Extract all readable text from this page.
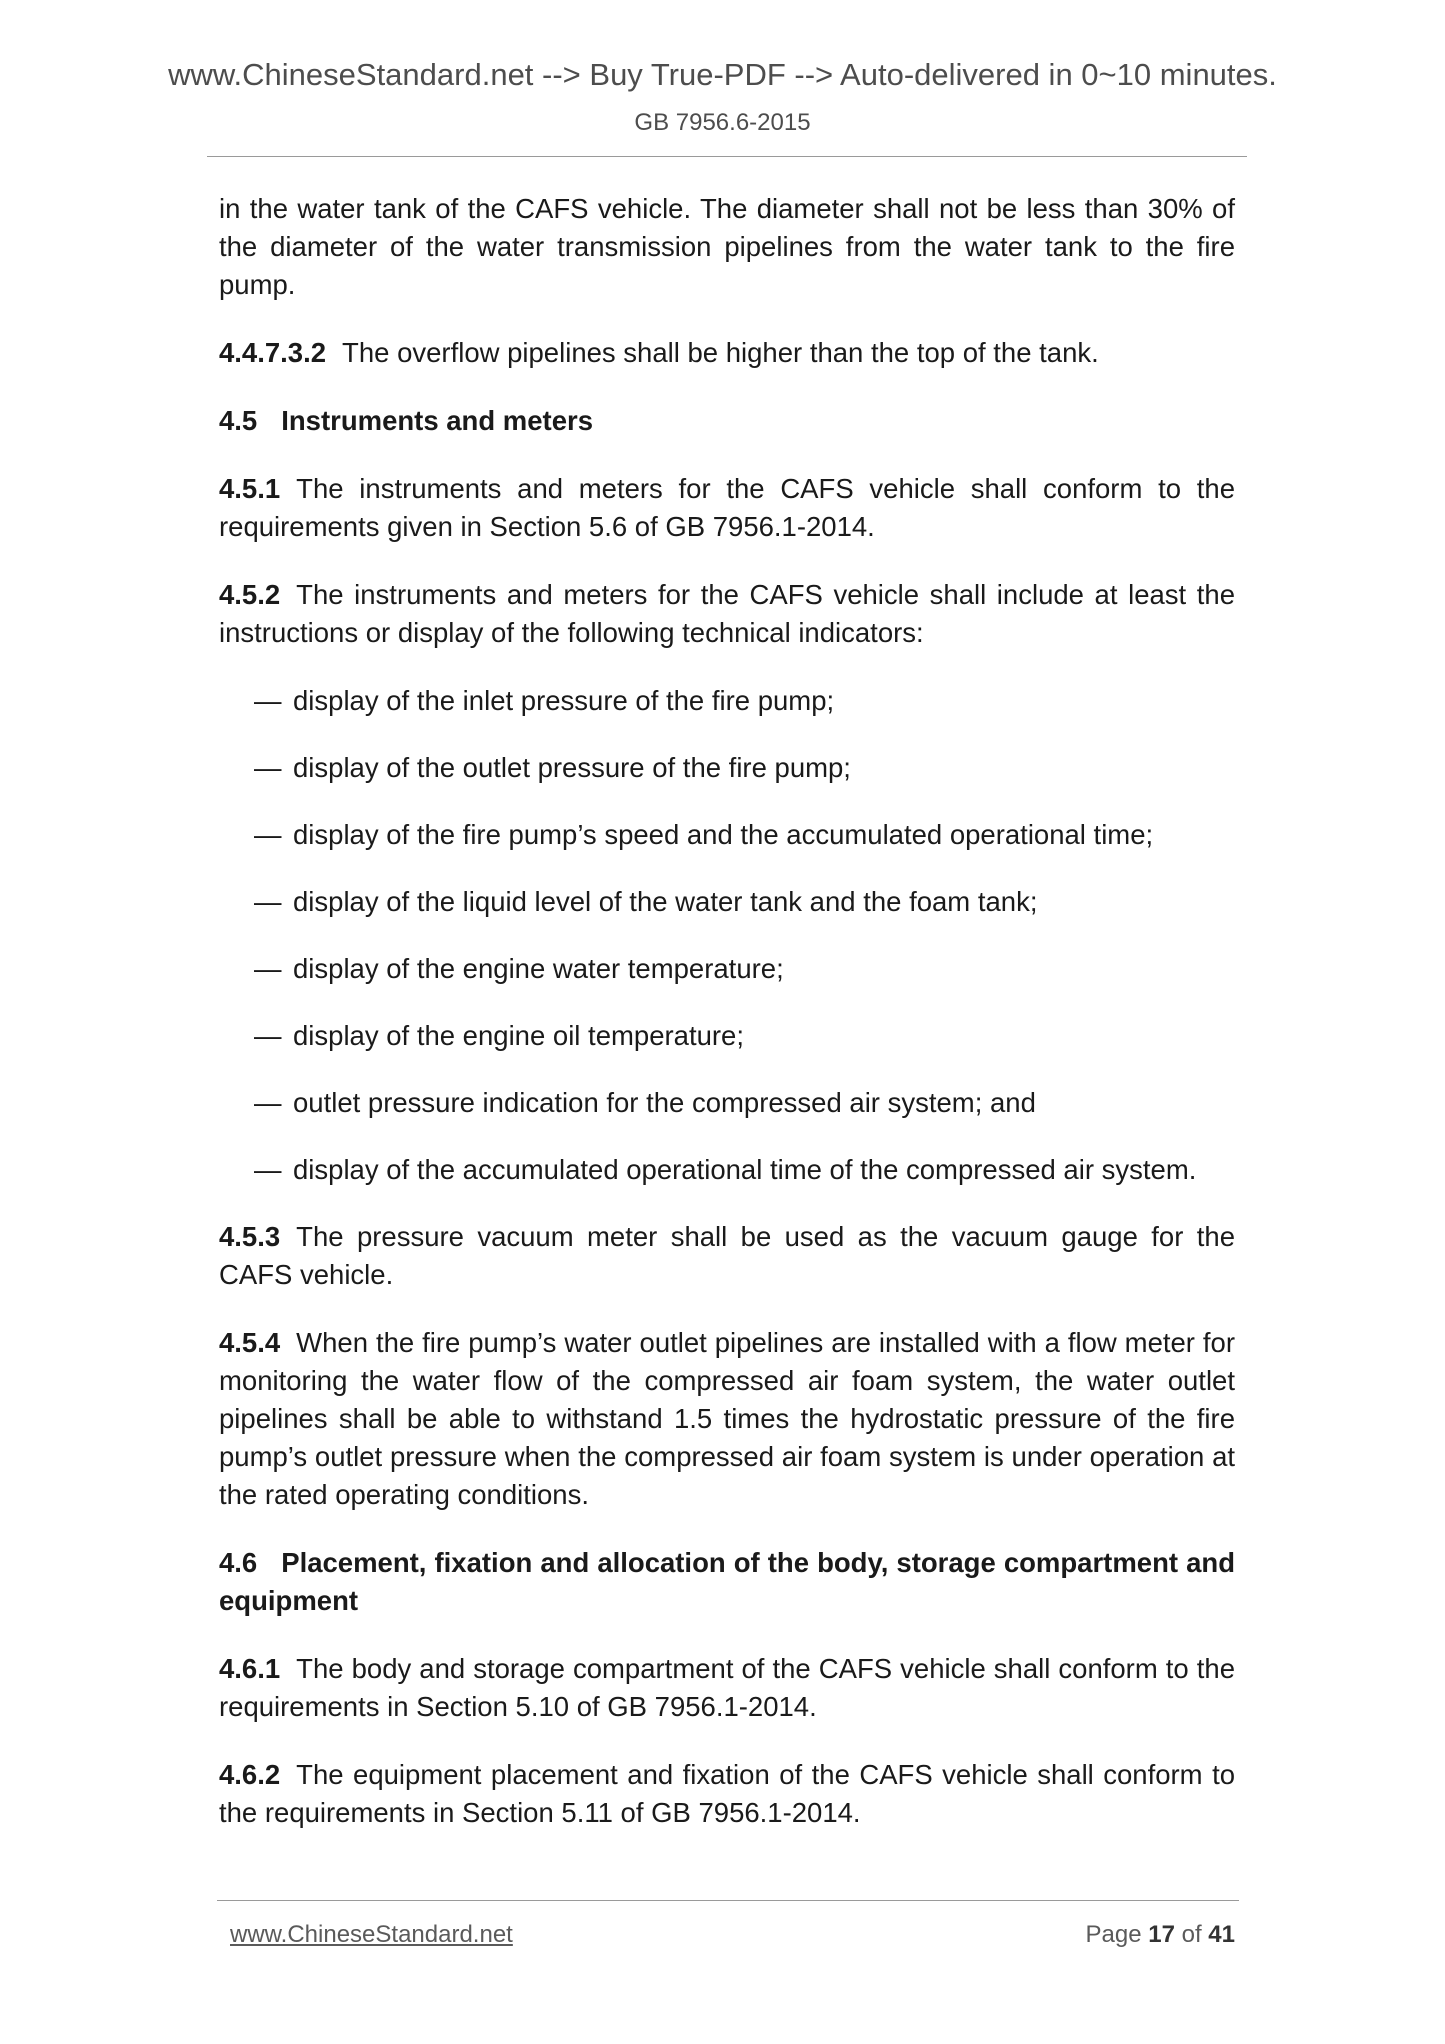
www.ChineseStandard.net --> Buy True-PDF --> Auto-delivered in 0~10 minutes.
GB 7956.6-2015

in the water tank of the CAFS vehicle. The diameter shall not be less than 30% of the diameter of the water transmission pipelines from the water tank to the fire pump.

4.4.7.3.2 The overflow pipelines shall be higher than the top of the tank.

4.5 Instruments and meters

4.5.1 The instruments and meters for the CAFS vehicle shall conform to the requirements given in Section 5.6 of GB 7956.1-2014.

4.5.2 The instruments and meters for the CAFS vehicle shall include at least the instructions or display of the following technical indicators:

— display of the inlet pressure of the fire pump;
— display of the outlet pressure of the fire pump;
— display of the fire pump’s speed and the accumulated operational time;
— display of the liquid level of the water tank and the foam tank;
— display of the engine water temperature;
— display of the engine oil temperature;
— outlet pressure indication for the compressed air system; and
— display of the accumulated operational time of the compressed air system.

4.5.3 The pressure vacuum meter shall be used as the vacuum gauge for the CAFS vehicle.

4.5.4 When the fire pump’s water outlet pipelines are installed with a flow meter for monitoring the water flow of the compressed air foam system, the water outlet pipelines shall be able to withstand 1.5 times the hydrostatic pressure of the fire pump’s outlet pressure when the compressed air foam system is under operation at the rated operating conditions.

4.6 Placement, fixation and allocation of the body, storage compartment and equipment

4.6.1 The body and storage compartment of the CAFS vehicle shall conform to the requirements in Section 5.10 of GB 7956.1-2014.

4.6.2 The equipment placement and fixation of the CAFS vehicle shall conform to the requirements in Section 5.11 of GB 7956.1-2014.

www.ChineseStandard.net	Page 17 of 41
